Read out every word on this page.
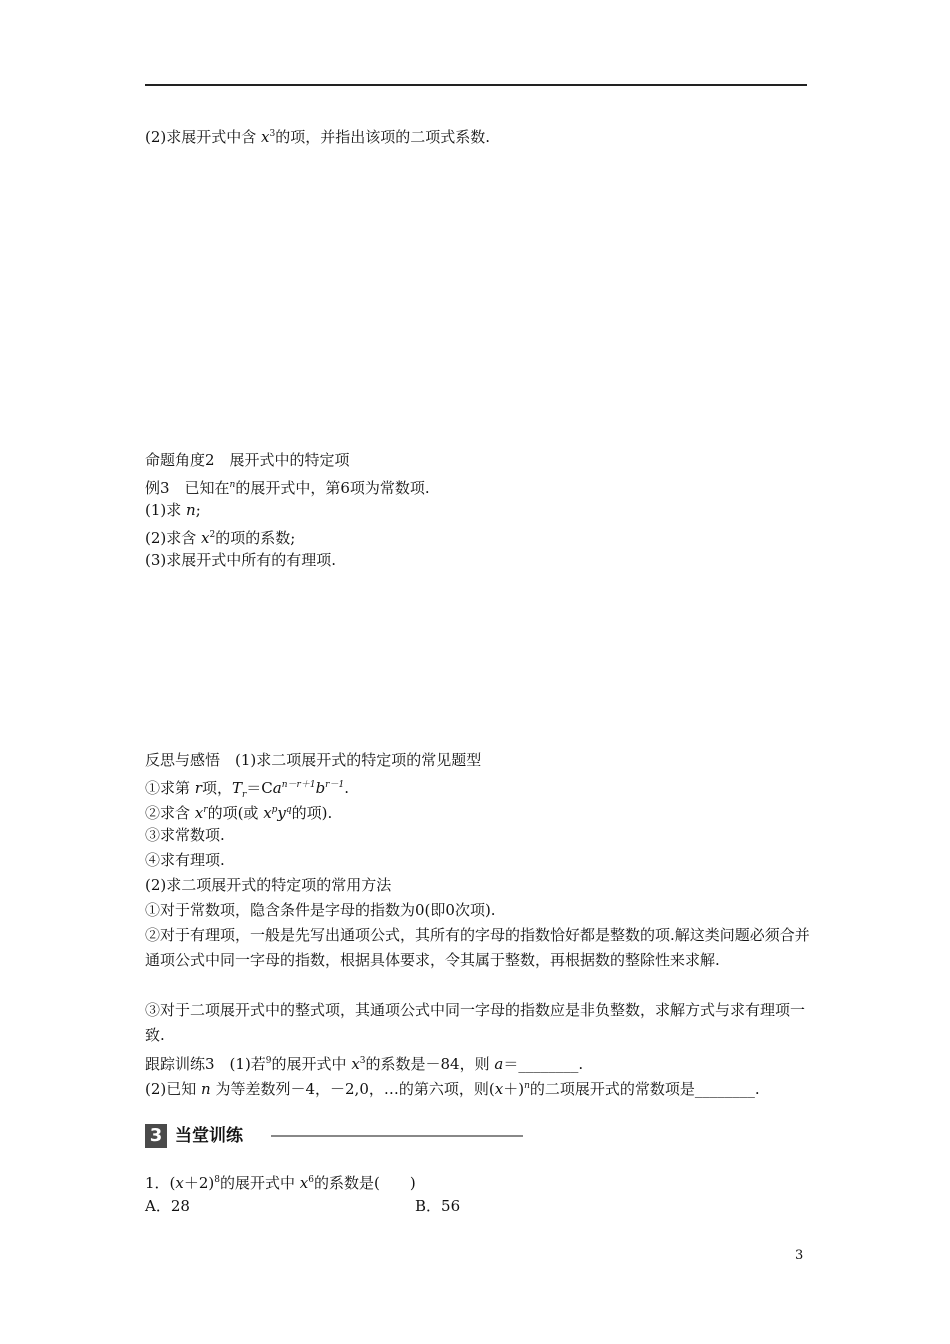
(2)求展开式中含 $x^3$的项，并指出该项的二项式系数.
命题角度2　展开式中的特定项
例3　已知在$^n$的展开式中，第6项为常数项.
(1)求 n;
(2)求含 $x^2$的项的系数;
(3)求展开式中所有的有理项.
反思与感悟　(1)求二项展开式的特定项的常见题型
①求第 r项，$T_r=Ca^{n-r+1}b^{r-1}$.
②求含 $x^r$的项(或 $x^py^q$的项).
③求常数项.
④求有理项.
(2)求二项展开式的特定项的常用方法
①对于常数项，隐含条件是字母的指数为0(即0次项).
②对于有理项，一般是先写出通项公式，其所有的字母的指数恰好都是整数的项.解这类问题必须合并通项公式中同一字母的指数，根据具体要求，令其属于整数，再根据数的整除性来求解.
③对于二项展开式中的整式项，其通项公式中同一字母的指数应是非负整数，求解方式与求有理项一致.
跟踪训练3　(1)若$^9$的展开式中 $x^3$的系数是－84，则 a＝________.
(2)已知 n 为等差数列－4，－2,0，…的第六项，则$(x+)^n$的二项展开式的常数项是________.
3 当堂训练
1．$(x+2)^8$的展开式中 $x^6$的系数是(　　)
A．28	B．56
3
